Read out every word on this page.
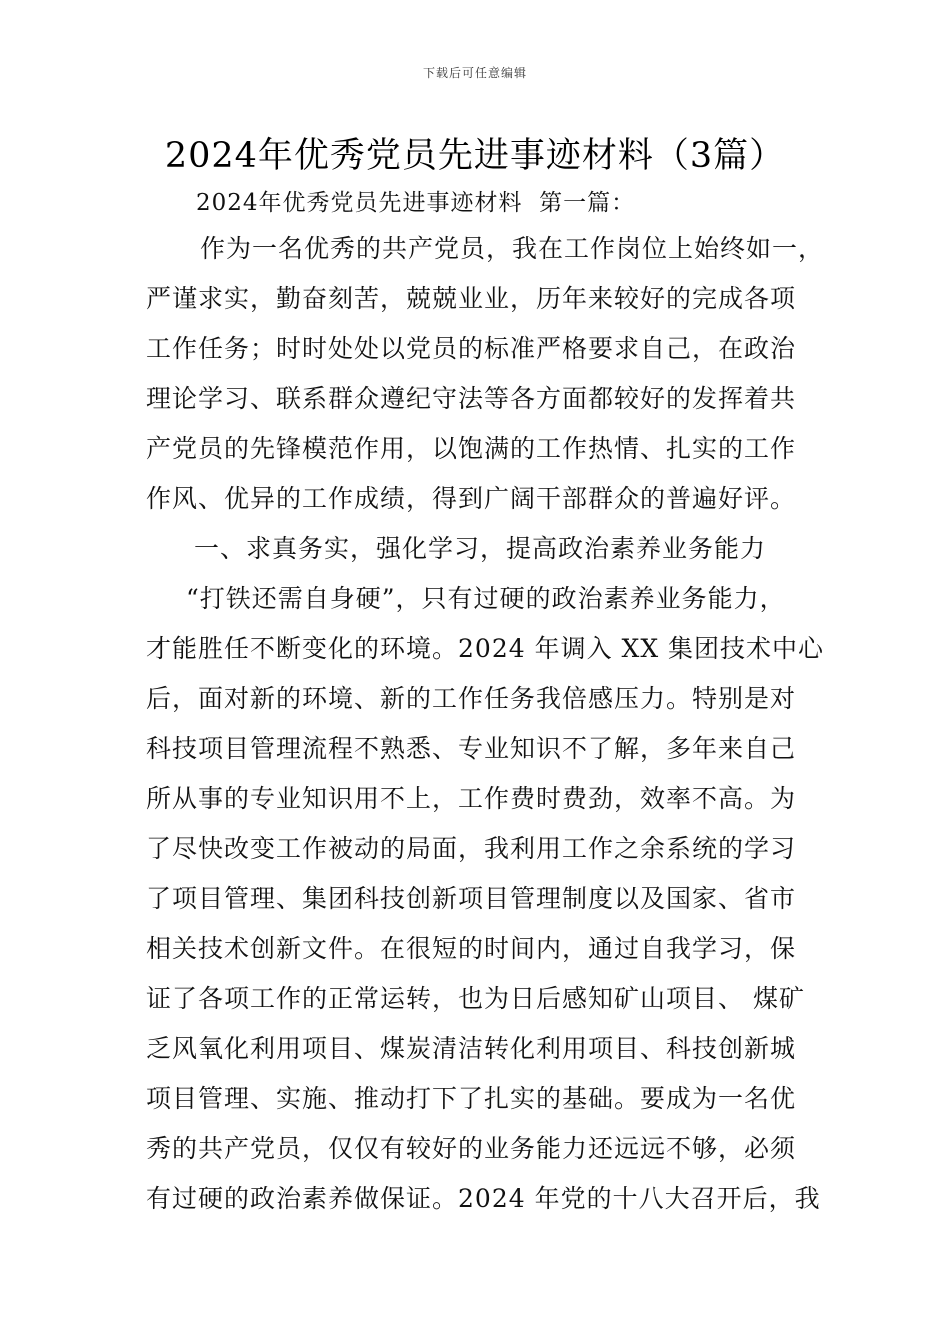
下载后可任意编辑
2024年优秀党员先进事迹材料（3篇）
2024年优秀党员先进事迹材料  第一篇：
作为一名优秀的共产党员，我在工作岗位上始终如一，
严谨求实，勤奋刻苦，兢兢业业，历年来较好的完成各项
工作任务；时时处处以党员的标准严格要求自己，在政治
理论学习、联系群众遵纪守法等各方面都较好的发挥着共
产党员的先锋模范作用，以饱满的工作热情、扎实的工作
作风、优异的工作成绩，得到广阔干部群众的普遍好评。
一、求真务实，强化学习，提高政治素养业务能力
“打铁还需自身硬”，只有过硬的政治素养业务能力，
才能胜任不断变化的环境。2024 年调入 XX 集团技术中心
后，面对新的环境、新的工作任务我倍感压力。特别是对
科技项目管理流程不熟悉、专业知识不了解，多年来自己
所从事的专业知识用不上，工作费时费劲，效率不高。为
了尽快改变工作被动的局面，我利用工作之余系统的学习
了项目管理、集团科技创新项目管理制度以及国家、省市
相关技术创新文件。在很短的时间内，通过自我学习，保
证了各项工作的正常运转，也为日后感知矿山项目、 煤矿
乏风氧化利用项目、煤炭清洁转化利用项目、科技创新城
项目管理、实施、推动打下了扎实的基础。要成为一名优
秀的共产党员，仅仅有较好的业务能力还远远不够，必须
有过硬的政治素养做保证。2024 年党的十八大召开后，我
